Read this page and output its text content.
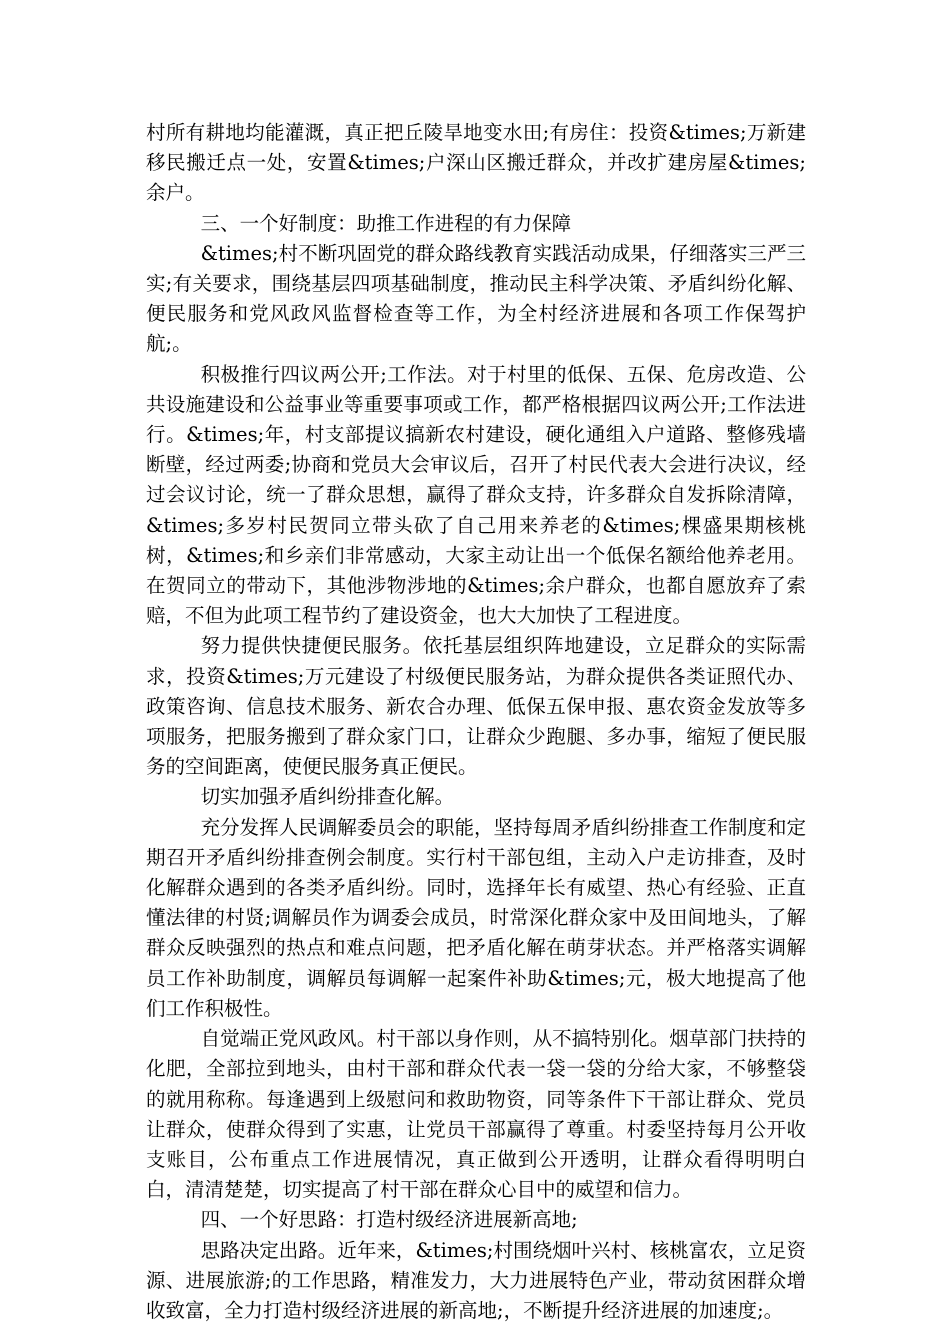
村所有耕地均能灌溉，真正把丘陵旱地变水田;有房住：投资&times;万新建移民搬迁点一处，安置&times;户深山区搬迁群众，并改扩建房屋&times;余户。

三、一个好制度：助推工作进程的有力保障

&times;村不断巩固党的群众路线教育实践活动成果，仔细落实三严三实;有关要求，围绕基层四项基础制度，推动民主科学决策、矛盾纠纷化解、便民服务和党风政风监督检查等工作，为全村经济进展和各项工作保驾护航;。

积极推行四议两公开;工作法。对于村里的低保、五保、危房改造、公共设施建设和公益事业等重要事项或工作，都严格根据四议两公开;工作法进行。&times;年，村支部提议搞新农村建设，硬化通组入户道路、整修残墙断壁，经过两委;协商和党员大会审议后，召开了村民代表大会进行决议，经过会议讨论，统一了群众思想，赢得了群众支持，许多群众自发拆除清障，&times;多岁村民贺同立带头砍了自己用来养老的&times;棵盛果期核桃树，&times;和乡亲们非常感动，大家主动让出一个低保名额给他养老用。在贺同立的带动下，其他涉物涉地的&times;余户群众，也都自愿放弃了索赔，不但为此项工程节约了建设资金，也大大加快了工程进度。

努力提供快捷便民服务。依托基层组织阵地建设，立足群众的实际需求，投资&times;万元建设了村级便民服务站，为群众提供各类证照代办、政策咨询、信息技术服务、新农合办理、低保五保申报、惠农资金发放等多项服务，把服务搬到了群众家门口，让群众少跑腿、多办事，缩短了便民服务的空间距离，使便民服务真正便民。

切实加强矛盾纠纷排查化解。

充分发挥人民调解委员会的职能，坚持每周矛盾纠纷排查工作制度和定期召开矛盾纠纷排查例会制度。实行村干部包组，主动入户走访排查，及时化解群众遇到的各类矛盾纠纷。同时，选择年长有威望、热心有经验、正直懂法律的村贤;调解员作为调委会成员，时常深化群众家中及田间地头，了解群众反映强烈的热点和难点问题，把矛盾化解在萌芽状态。并严格落实调解员工作补助制度，调解员每调解一起案件补助&times;元，极大地提高了他们工作积极性。

自觉端正党风政风。村干部以身作则，从不搞特别化。烟草部门扶持的化肥，全部拉到地头，由村干部和群众代表一袋一袋的分给大家，不够整袋的就用称称。每逢遇到上级慰问和救助物资，同等条件下干部让群众、党员让群众，使群众得到了实惠，让党员干部赢得了尊重。村委坚持每月公开收支账目，公布重点工作进展情况，真正做到公开透明，让群众看得明明白白，清清楚楚，切实提高了村干部在群众心目中的威望和信力。

四、一个好思路：打造村级经济进展新高地;

思路决定出路。近年来，&times;村围绕烟叶兴村、核桃富农，立足资源、进展旅游;的工作思路，精准发力，大力进展特色产业，带动贫困群众增收致富，全力打造村级经济进展的新高地;，不断提升经济进展的加速度;。
